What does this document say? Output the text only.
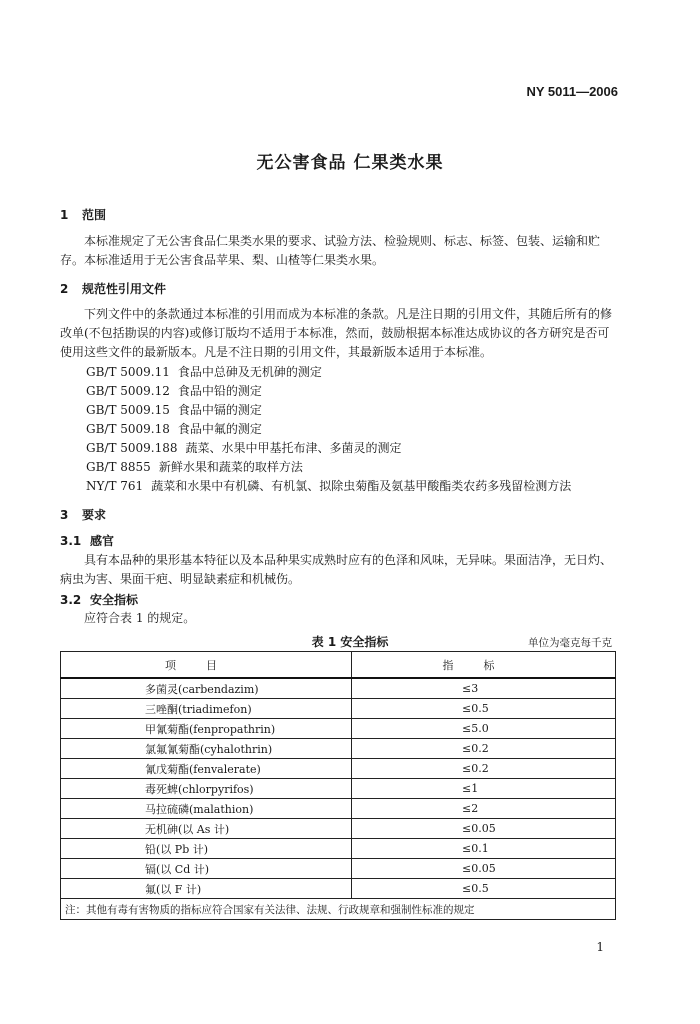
NY 5011—2006
无公害食品 仁果类水果
1 范围
本标准规定了无公害食品仁果类水果的要求、试验方法、检验规则、标志、标签、包装、运输和贮存。 本标准适用于无公害食品苹果、梨、山楂等仁果类水果。
2 规范性引用文件
下列文件中的条款通过本标准的引用而成为本标准的条款。凡是注日期的引用文件，其随后所有的修改单(不包括勘误的内容)或修订版均不适用于本标准，然而，鼓励根据本标准达成协议的各方研究是否可使用这些文件的最新版本。凡是不注日期的引用文件，其最新版本适用于本标准。
GB/T 5009.11 食品中总砷及无机砷的测定
GB/T 5009.12 食品中铅的测定
GB/T 5009.15 食品中镉的测定
GB/T 5009.18 食品中氟的测定
GB/T 5009.188 蔬菜、水果中甲基托布津、多菌灵的测定
GB/T 8855 新鲜水果和蔬菜的取样方法
NY/T 761 蔬菜和水果中有机磷、有机氯、拟除虫菊酯及氨基甲酸酯类农药多残留检测方法
3 要求
3.1 感官
具有本品种的果形基本特征以及本品种果实成熟时应有的色泽和风味，无异味。果面洁净，无日灼、病虫为害、果面干疤、明显缺素症和机械伤。
3.2 安全指标
应符合表 1 的规定。
表 1 安全指标	单位为毫克每千克
项目	指标
多菌灵(carbendazim)	≤3
三唑酮(triadimefon)	≤0.5
甲氰菊酯(fenpropathrin)	≤5.0
氯氟氰菊酯(cyhalothrin)	≤0.2
氰戊菊酯(fenvalerate)	≤0.2
毒死蜱(chlorpyrifos)	≤1
马拉硫磷(malathion)	≤2
无机砷(以 As 计)	≤0.05
铅(以 Pb 计)	≤0.1
镉(以 Cd 计)	≤0.05
氟(以 F 计)	≤0.5
注：其他有毒有害物质的指标应符合国家有关法律、法规、行政规章和强制性标准的规定	
1
